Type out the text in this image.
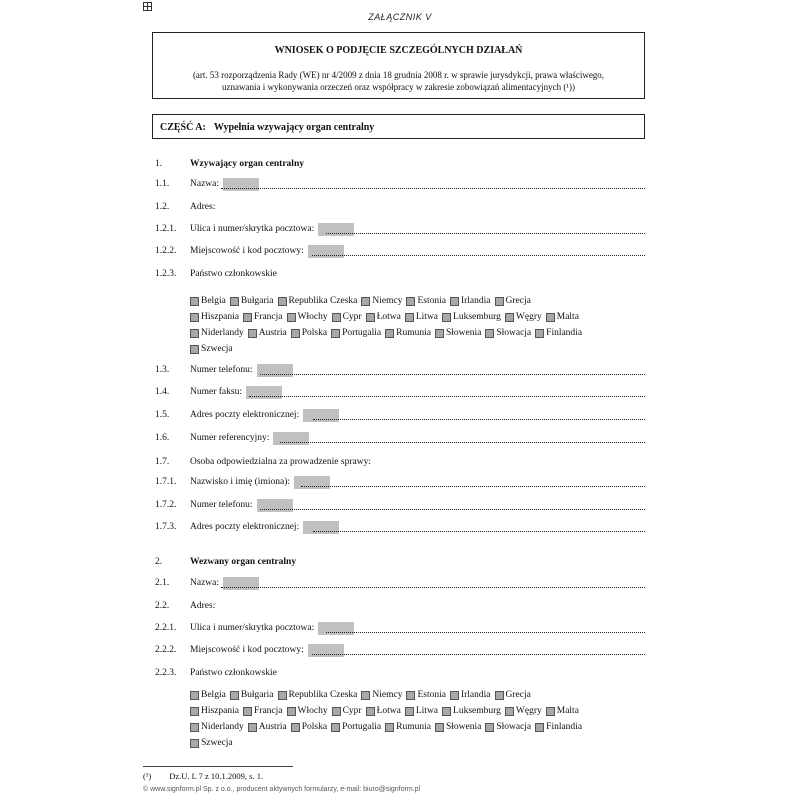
ZAŁĄCZNIK V
WNIOSEK O PODJĘCIE SZCZEGÓLNYCH DZIAŁAŃ
(art. 53 rozporządzenia Rady (WE) nr 4/2009 z dnia 18 grudnia 2008 r. w sprawie jurysdykcji, prawa właściwego,
uznawania i wykonywania orzeczeń oraz współpracy w zakresie zobowiązań alimentacyjnych (¹))
CZĘŚĆ A: Wypełnia wzywający organ centralny
1.	Wzywający organ centralny
1.1. Nazwa:
1.2. Adres:
1.2.1. Ulica i numer/skrytka pocztowa:
1.2.2. Miejscowość i kod pocztowy:
1.2.3. Państwo członkowskie
Belgia Bułgaria Republika Czeska Niemcy Estonia Irlandia Grecja
Hiszpania Francja Włochy Cypr Łotwa Litwa Luksemburg Węgry Malta
Niderlandy Austria Polska Portugalia Rumunia Słowenia Słowacja Finlandia
Szwecja
1.3. Numer telefonu:
1.4. Numer faksu:
1.5. Adres poczty elektronicznej:
1.6. Numer referencyjny:
1.7. Osoba odpowiedzialna za prowadzenie sprawy:
1.7.1. Nazwisko i imię (imiona):
1.7.2. Numer telefonu:
1.7.3. Adres poczty elektronicznej:
2.	Wezwany organ centralny
2.1. Nazwa:
2.2. Adres:
2.2.1. Ulica i numer/skrytka pocztowa:
2.2.2. Miejscowość i kod pocztowy:
2.2.3. Państwo członkowskie
Belgia Bułgaria Republika Czeska Niemcy Estonia Irlandia Grecja
Hiszpania Francja Włochy Cypr Łotwa Litwa Luksemburg Węgry Malta
Niderlandy Austria Polska Portugalia Rumunia Słowenia Słowacja Finlandia
Szwecja
(¹) Dz.U. L 7 z 10.1.2009, s. 1.
© www.signform.pl Sp. z o.o., producent aktywnych formularzy, e-mail: biuro@signform.pl
